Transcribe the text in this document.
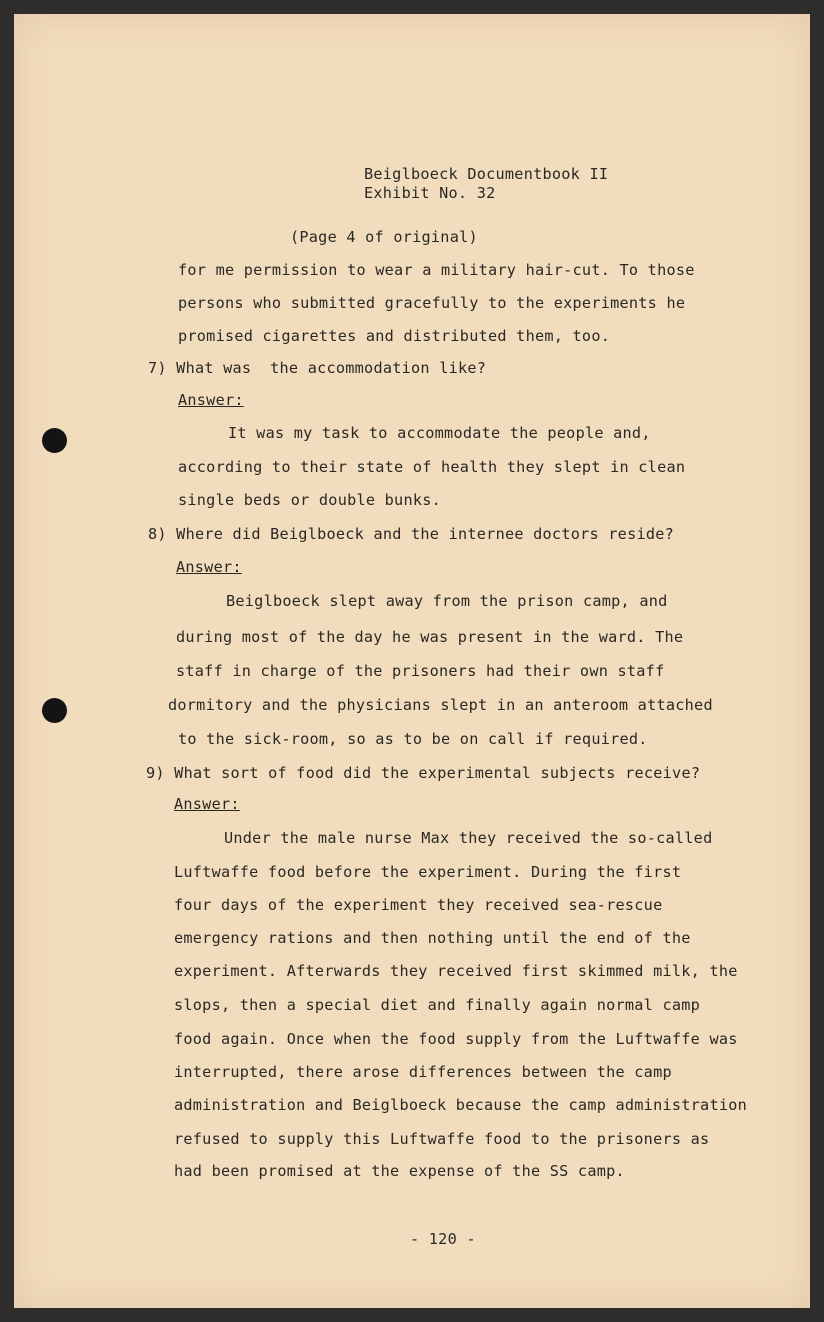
Beiglboeck Documentbook II
Exhibit No. 32
(Page 4 of original)
for me permission to wear a military hair-cut. To those
persons who submitted gracefully to the experiments he
promised cigarettes and distributed them, too.
7) What was  the accommodation like?
Answer:
It was my task to accommodate the people and,
according to their state of health they slept in clean
single beds or double bunks.
8) Where did Beiglboeck and the internee doctors reside?
Answer:
Beiglboeck slept away from the prison camp, and
during most of the day he was present in the ward. The
staff in charge of the prisoners had their own staff
dormitory and the physicians slept in an anteroom attached
to the sick-room, so as to be on call if required.
9) What sort of food did the experimental subjects receive?
Answer:
Under the male nurse Max they received the so-called
Luftwaffe food before the experiment. During the first
four days of the experiment they received sea-rescue
emergency rations and then nothing until the end of the
experiment. Afterwards they received first skimmed milk, the
slops, then a special diet and finally again normal camp
food again. Once when the food supply from the Luftwaffe was
interrupted, there arose differences between the camp
administration and Beiglboeck because the camp administration
refused to supply this Luftwaffe food to the prisoners as
had been promised at the expense of the SS camp.
- 120 -
